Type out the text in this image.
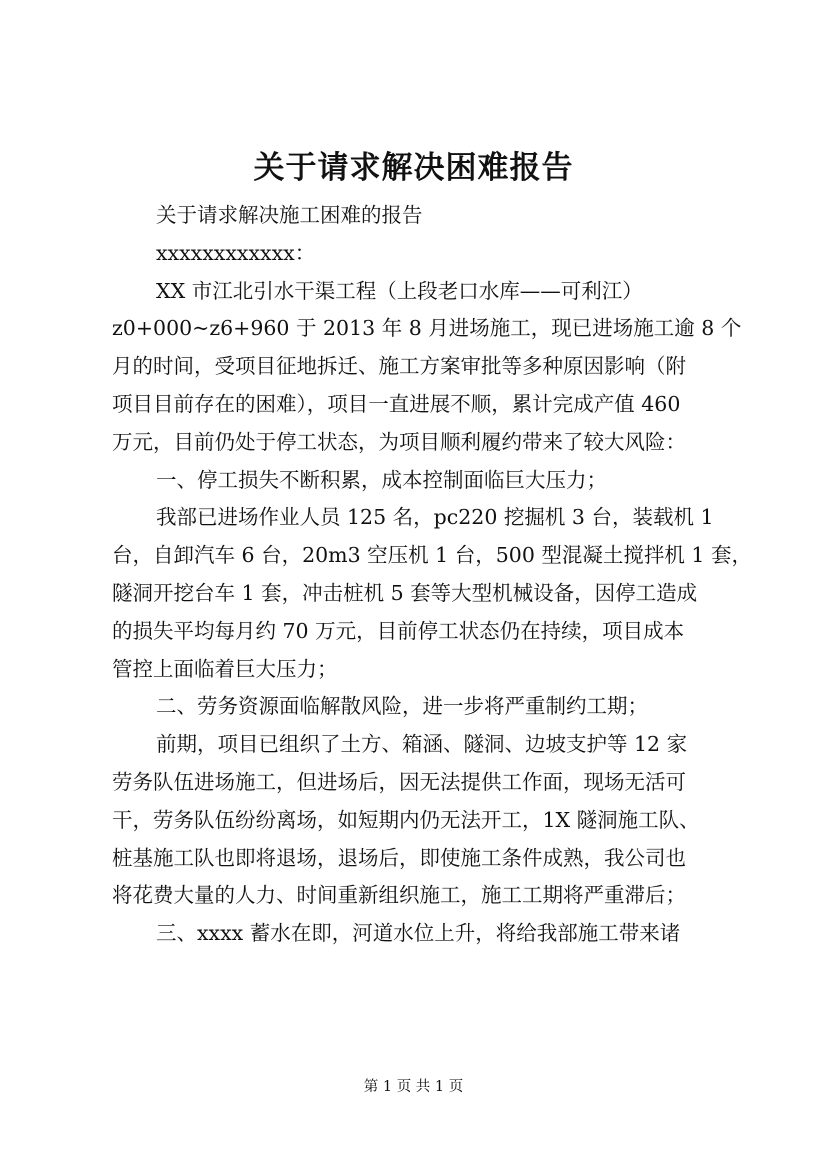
关于请求解决困难报告
关于请求解决施工困难的报告
xxxxxxxxxxxx：
XX 市江北引水干渠工程（上段老口水库——可利江）
z0+000~z6+960 于 2013 年 8 月进场施工，现已进场施工逾 8 个
月的时间，受项目征地拆迁、施工方案审批等多种原因影响（附
项目目前存在的困难），项目一直进展不顺，累计完成产值 460
万元，目前仍处于停工状态，为项目顺利履约带来了较大风险：
一、停工损失不断积累，成本控制面临巨大压力；
我部已进场作业人员 125 名，pc220 挖掘机 3 台，装载机 1
台，自卸汽车 6 台，20m3 空压机 1 台，500 型混凝土搅拌机 1 套，
隧洞开挖台车 1 套，冲击桩机 5 套等大型机械设备，因停工造成
的损失平均每月约 70 万元，目前停工状态仍在持续，项目成本
管控上面临着巨大压力；
二、劳务资源面临解散风险，进一步将严重制约工期；
前期，项目已组织了土方、箱涵、隧洞、边坡支护等 12 家
劳务队伍进场施工，但进场后，因无法提供工作面，现场无活可
干，劳务队伍纷纷离场，如短期内仍无法开工，1X 隧洞施工队、
桩基施工队也即将退场，退场后，即使施工条件成熟，我公司也
将花费大量的人力、时间重新组织施工，施工工期将严重滞后；
三、xxxx 蓄水在即，河道水位上升，将给我部施工带来诸
第 1 页 共 1 页
